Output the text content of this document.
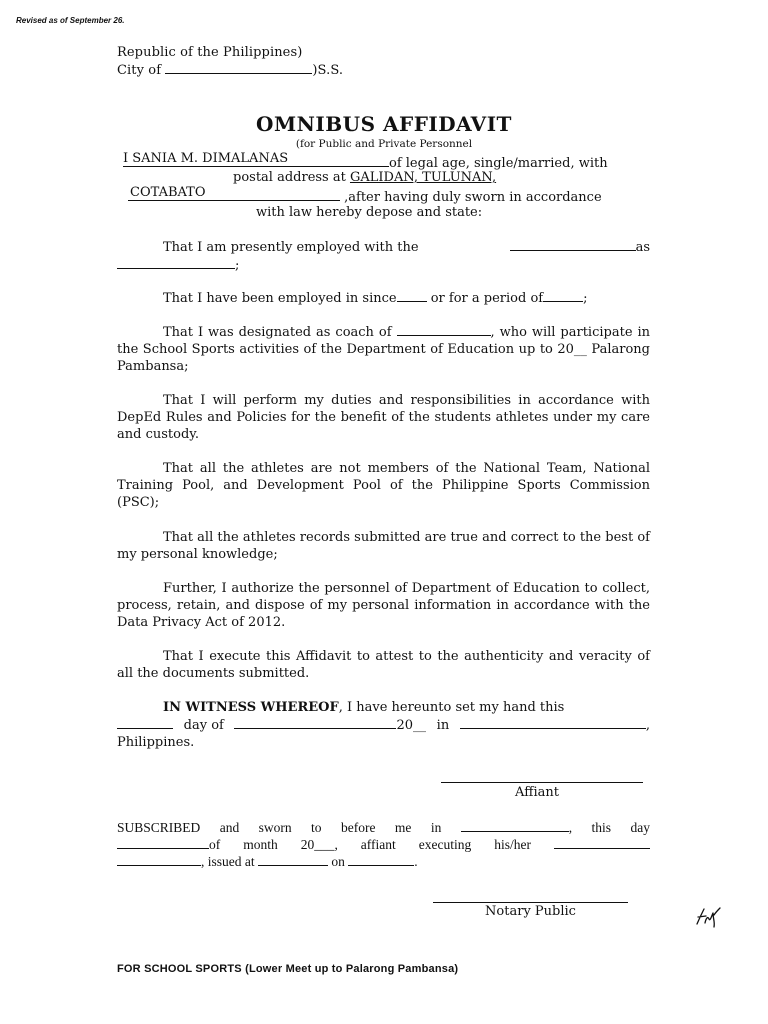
Revised as of September 26.
Republic of the Philippines)
City of	)S.S.
OMNIBUS AFFIDAVIT
(for Public and Private Personnel
I SANIA M. DIMALANAS	of legal age, single/married, with
postal address at GALIDAN, TULUNAN,
COTABATO	,after having duly sworn in accordance
with law hereby depose and state:
That I am presently employed with the	as
;
That I have been employed in since	or for a period of	;
That I was designated as coach of	, who will participate in the School Sports activities of the Department of Education up to 20__ Palarong Pambansa;
That I will perform my duties and responsibilities in accordance with DepEd Rules and Policies for the benefit of the students athletes under my care and custody.
That all the athletes are not members of the National Team, National Training Pool, and Development Pool of the Philippine Sports Commission (PSC);
That all the athletes records submitted are true and correct to the best of my personal knowledge;
Further, I authorize the personnel of Department of Education to collect, process, retain, and dispose of my personal information in accordance with the Data Privacy Act of 2012.
That I execute this Affidavit to attest to the authenticity and veracity of all the documents submitted.
IN WITNESS WHEREOF, I have hereunto set my hand this
day of	20__ in	,
Philippines.
Affiant
SUBSCRIBED and sworn to before me in	, this day
of month 20___, affiant executing his/her
, issued at	on	.
Notary Public
FOR SCHOOL SPORTS (Lower Meet up to Palarong Pambansa)
